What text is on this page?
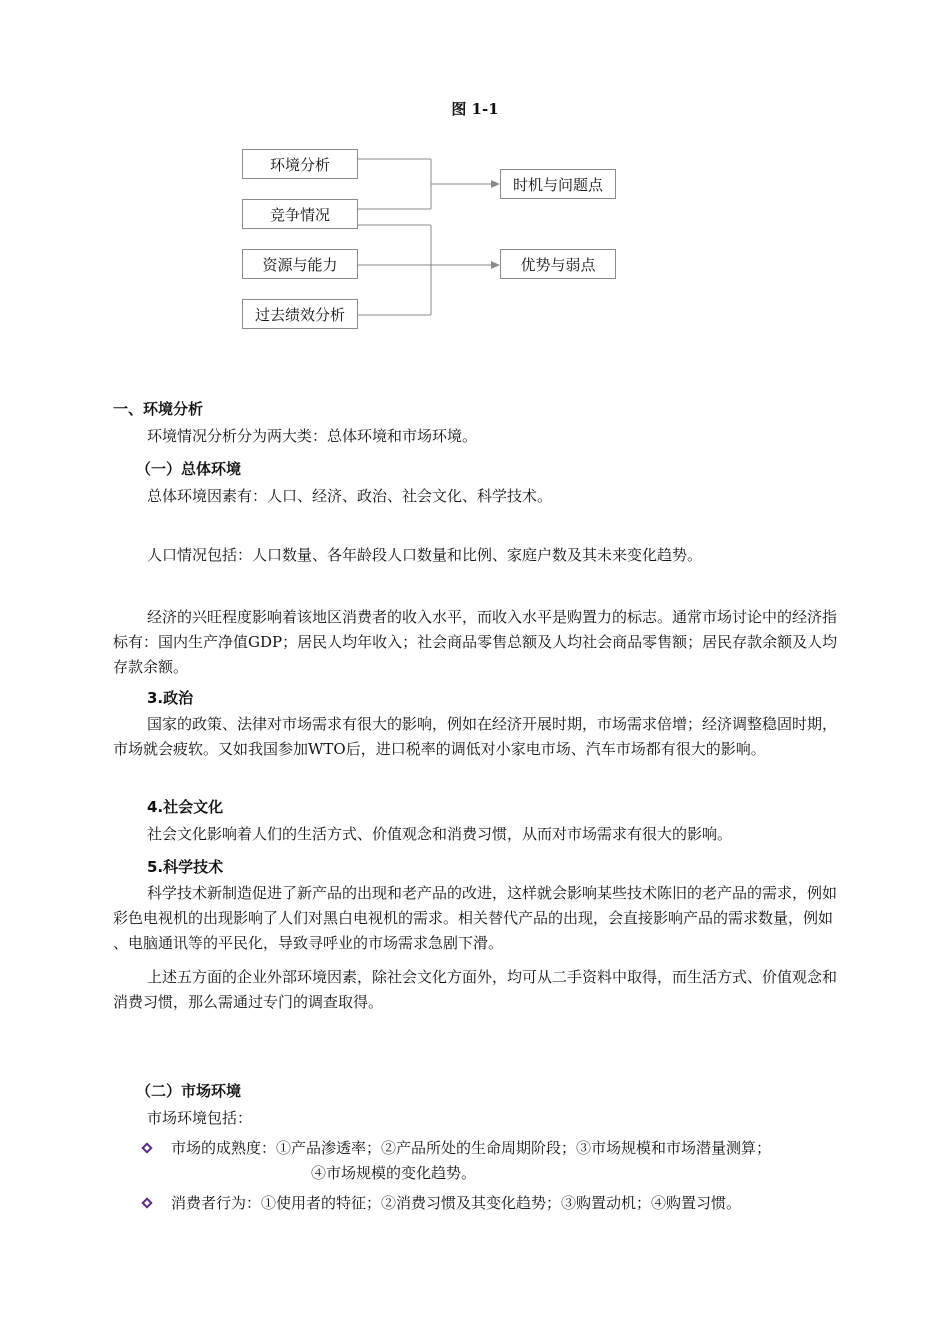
图 1-1
环境分析
竞争情况
资源与能力
过去绩效分析
时机与问题点
优势与弱点
一、环境分析
环境情况分析分为两大类：总体环境和市场环境。
（一）总体环境
总体环境因素有：人口、经济、政治、社会文化、科学技术。
人口情况包括：人口数量、各年龄段人口数量和比例、家庭户数及其未来变化趋势。
经济的兴旺程度影响着该地区消费者的收入水平，而收入水平是购置力的标志。通常市场讨论中的经济指标有：国内生产净值GDP；居民人均年收入；社会商品零售总额及人均社会商品零售额；居民存款余额及人均存款余额。
3.政治
国家的政策、法律对市场需求有很大的影响，例如在经济开展时期，市场需求倍增；经济调整稳固时期，市场就会疲软。又如我国参加WTO后，进口税率的调低对小家电市场、汽车市场都有很大的影响。
4.社会文化
社会文化影响着人们的生活方式、价值观念和消费习惯，从而对市场需求有很大的影响。
5.科学技术
科学技术新制造促进了新产品的出现和老产品的改进，这样就会影响某些技术陈旧的老产品的需求，例如彩色电视机的出现影响了人们对黑白电视机的需求。相关替代产品的出现，会直接影响产品的需求数量，例如     、电脑通讯等的平民化，导致寻呼业的市场需求急剧下滑。
上述五方面的企业外部环境因素，除社会文化方面外，均可从二手资料中取得，而生活方式、价值观念和消费习惯，那么需通过专门的调查取得。
（二）市场环境
市场环境包括：
市场的成熟度：①产品渗透率；②产品所处的生命周期阶段；③市场规模和市场潜量测算；
④市场规模的变化趋势。
消费者行为：①使用者的特征；②消费习惯及其变化趋势；③购置动机；④购置习惯。
